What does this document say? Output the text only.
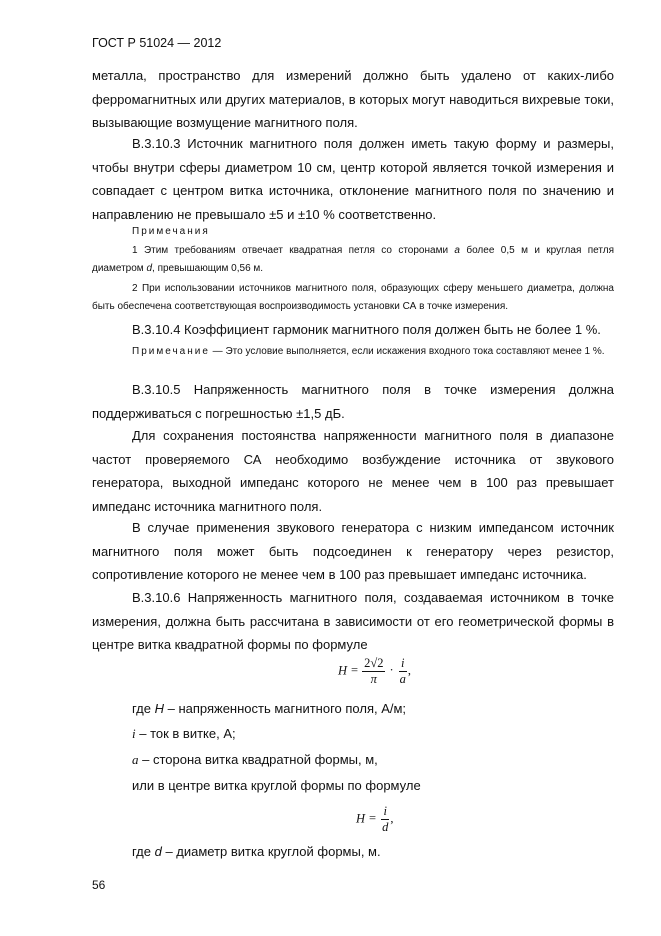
ГОСТ Р 51024 — 2012
металла, пространство для измерений должно быть удалено от каких-либо ферромагнитных или других материалов, в которых могут наводиться вихревые токи, вызывающие возмущение магнитного поля.
В.3.10.3 Источник магнитного поля должен иметь такую форму и размеры, чтобы внутри сферы диаметром 10 см, центр которой является точкой измерения и совпадает с центром витка источника, отклонение магнитного поля по значению и направлению не превышало ±5 и ±10 % соответственно.
Примечания
1 Этим требованиям отвечает квадратная петля со сторонами a более 0,5 м и круглая петля диаметром d, превышающим 0,56 м.
2 При использовании источников магнитного поля, образующих сферу меньшего диаметра, должна быть обеспечена соответствующая воспроизводимость установки СА в точке измерения.
В.3.10.4 Коэффициент гармоник магнитного поля должен быть не более 1 %.
Примечание — Это условие выполняется, если искажения входного тока составляют менее 1 %.
В.3.10.5 Напряженность магнитного поля в точке измерения должна поддерживаться с погрешностью ±1,5 дБ.
Для сохранения постоянства напряженности магнитного поля в диапазоне частот проверяемого СА необходимо возбуждение источника от звукового генератора, выходной импеданс которого не менее чем в 100 раз превышает импеданс источника магнитного поля.
В случае применения звукового генератора с низким импедансом источник магнитного поля может быть подсоединен к генератору через резистор, сопротивление которого не менее чем в 100 раз превышает импеданс источника.
В.3.10.6 Напряженность магнитного поля, создаваемая источником в точке измерения, должна быть рассчитана в зависимости от его геометрической формы в центре витка квадратной формы по формуле
$H = \frac{2√2}{\pi} \cdot \frac{i}{a}$ ,
где H – напряженность магнитного поля, А/м;
i – ток в витке, А;
a – сторона витка квадратной формы, м,
или в центре витка круглой формы по формуле
$H = \frac{i}{d}$ ,
где d – диаметр витка круглой формы, м.
56
